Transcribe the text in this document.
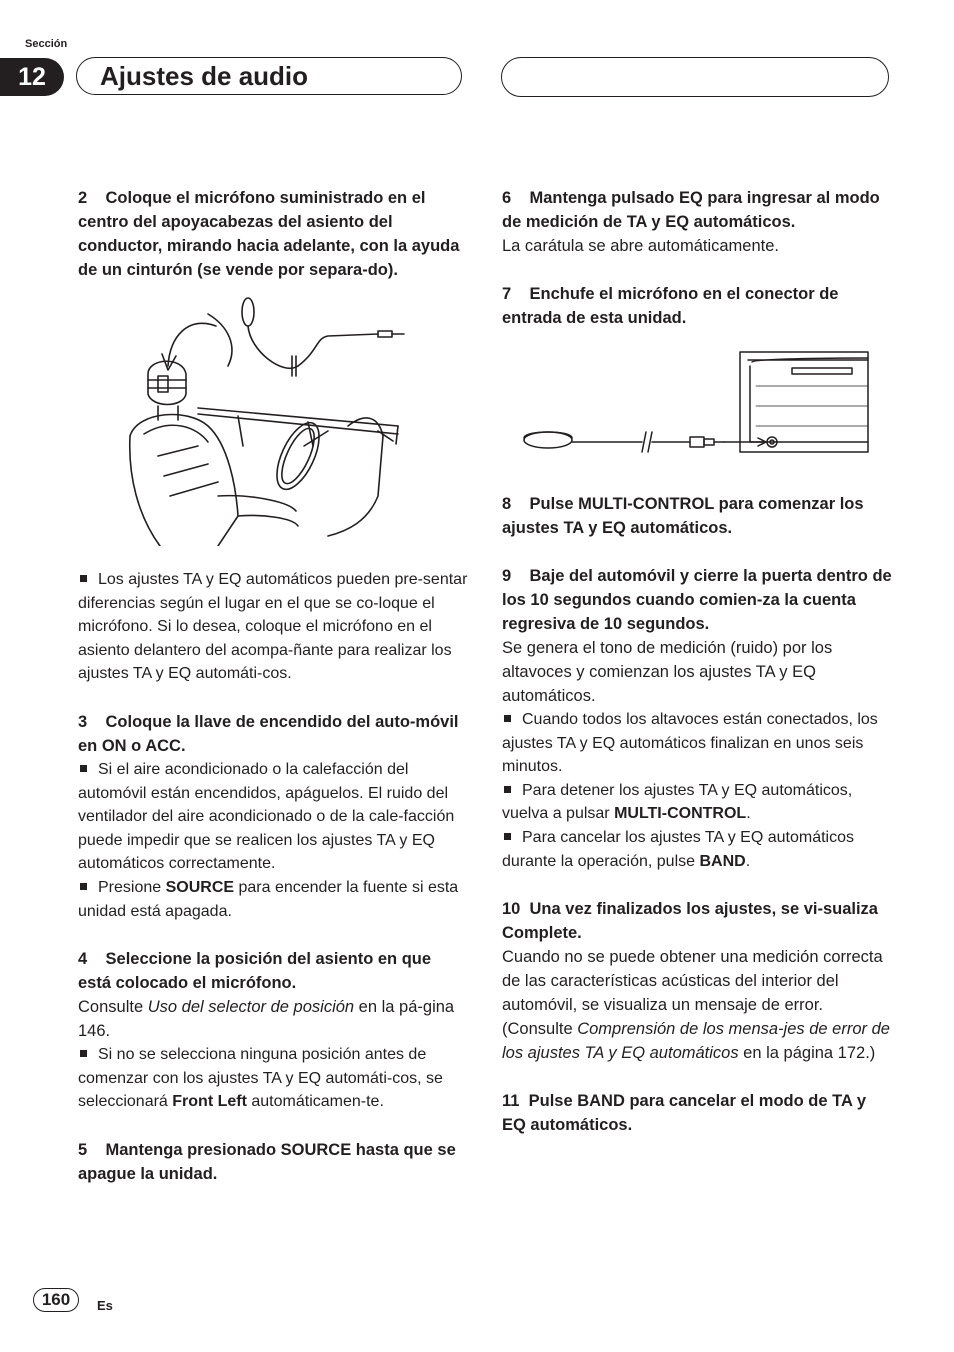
Sección
12	Ajustes de audio

2    Coloque el micrófono suministrado en el centro del apoyacabezas del asiento del conductor, mirando hacia adelante, con la ayuda de un cinturón (se vende por separa-do).

Los ajustes TA y EQ automáticos pueden pre-sentar diferencias según el lugar en el que se co-loque el micrófono. Si lo desea, coloque el micrófono en el asiento delantero del acompa-ñante para realizar los ajustes TA y EQ automáti-cos.

3    Coloque la llave de encendido del auto-móvil en ON o ACC.

Si el aire acondicionado o la calefacción del automóvil están encendidos, apáguelos. El ruido del ventilador del aire acondicionado o de la cale-facción puede impedir que se realicen los ajustes TA y EQ automáticos correctamente.

Presione SOURCE para encender la fuente si esta unidad está apagada.

4    Seleccione la posición del asiento en que está colocado el micrófono.

Consulte Uso del selector de posición en la pá-gina 146.

Si no se selecciona ninguna posición antes de comenzar con los ajustes TA y EQ automáti-cos, se seleccionará Front Left automáticamen-te.

5    Mantenga presionado SOURCE hasta que se apague la unidad.

6    Mantenga pulsado EQ para ingresar al modo de medición de TA y EQ automáticos.

La carátula se abre automáticamente.

7    Enchufe el micrófono en el conector de entrada de esta unidad.

8    Pulse MULTI-CONTROL para comenzar los ajustes TA y EQ automáticos.

9    Baje del automóvil y cierre la puerta dentro de los 10 segundos cuando comien-za la cuenta regresiva de 10 segundos.

Se genera el tono de medición (ruido) por los altavoces y comienzan los ajustes TA y EQ automáticos.

Cuando todos los altavoces están conectados, los ajustes TA y EQ automáticos finalizan en unos seis minutos.

Para detener los ajustes TA y EQ automáticos, vuelva a pulsar MULTI-CONTROL.

Para cancelar los ajustes TA y EQ automáticos durante la operación, pulse BAND.

10  Una vez finalizados los ajustes, se vi-sualiza Complete.

Cuando no se puede obtener una medición correcta de las características acústicas del interior del automóvil, se visualiza un mensaje de error. (Consulte Comprensión de los mensa-jes de error de los ajustes TA y EQ automáticos en la página 172.)

11  Pulse BAND para cancelar el modo de TA y EQ automáticos.

160	Es
